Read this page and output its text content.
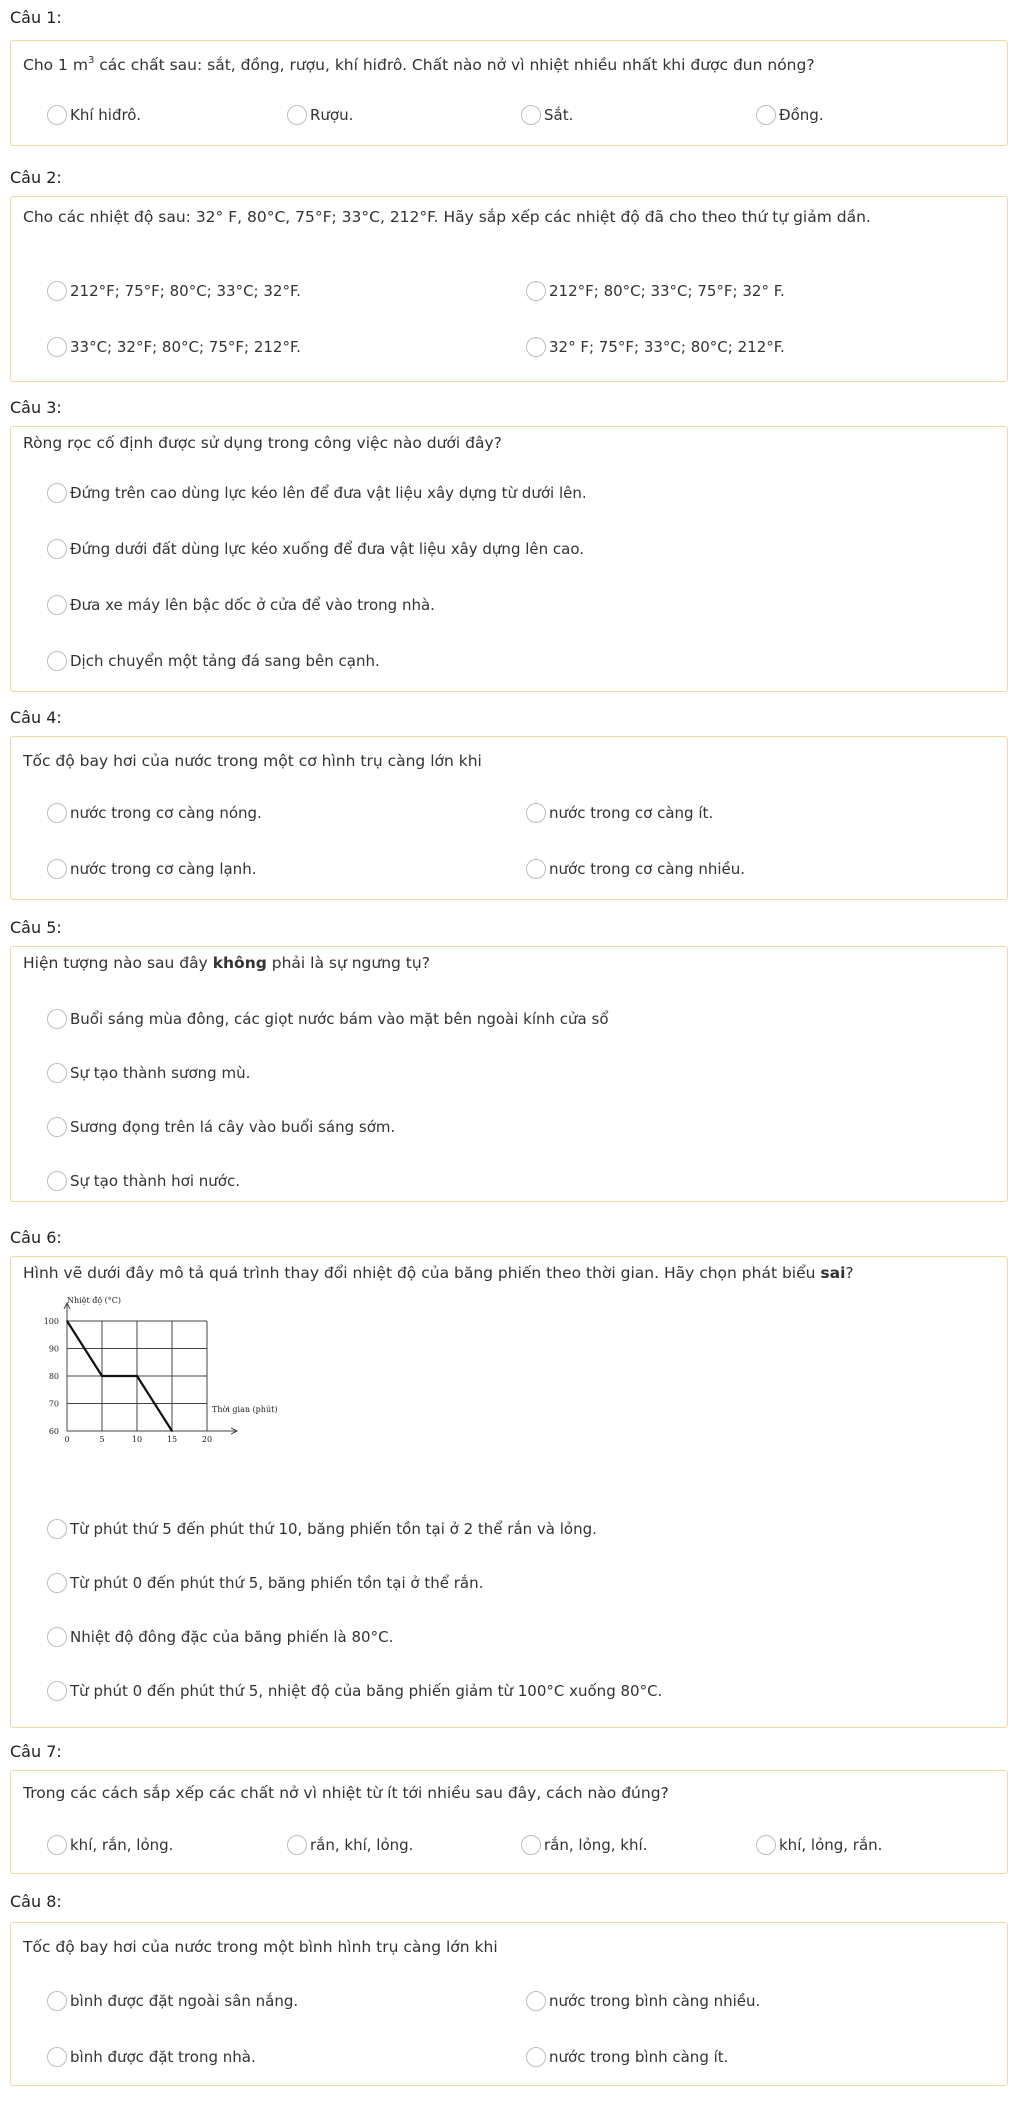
Câu 1:
Cho 1 $m^3$ các chất sau: sắt, đồng, rượu, khí hiđrô. Chất nào nở vì nhiệt nhiều nhất khi được đun nóng?
Khí hiđrô.	Rượu.	Sắt.	Đồng.
Câu 2:
Cho các nhiệt độ sau: 32° F, 80°C, 75°F; 33°C, 212°F. Hãy sắp xếp các nhiệt độ đã cho theo thứ tự giảm dần.
212°F; 75°F; 80°C; 33°C; 32°F.	212°F; 80°C; 33°C; 75°F; 32° F.
33°C; 32°F; 80°C; 75°F; 212°F.	32° F; 75°F; 33°C; 80°C; 212°F.
Câu 3:
Ròng rọc cố định được sử dụng trong công việc nào dưới đây?
Đứng trên cao dùng lực kéo lên để đưa vật liệu xây dựng từ dưới lên.
Đứng dưới đất dùng lực kéo xuống để đưa vật liệu xây dựng lên cao.
Đưa xe máy lên bậc dốc ở cửa để vào trong nhà.
Dịch chuyển một tảng đá sang bên cạnh.
Câu 4:
Tốc độ bay hơi của nước trong một cơ hình trụ càng lớn khi
nước trong cơ càng nóng.	nước trong cơ càng ít.
nước trong cơ càng lạnh.	nước trong cơ càng nhiều.
Câu 5:
Hiện tượng nào sau đây không phải là sự ngưng tụ?
Buổi sáng mùa đông, các giọt nước bám vào mặt bên ngoài kính cửa sổ
Sự tạo thành sương mù.
Sương đọng trên lá cây vào buổi sáng sớm.
Sự tạo thành hơi nước.
Câu 6:
Hình vẽ dưới đây mô tả quá trình thay đổi nhiệt độ của băng phiến theo thời gian. Hãy chọn phát biểu sai?
0	5	10	15	20
60
70
80
90
100
Nhiệt độ (°C)
Thời gian (phút)
Từ phút thứ 5 đến phút thứ 10, băng phiến tồn tại ở 2 thể rắn và lỏng.
Từ phút 0 đến phút thứ 5, băng phiến tồn tại ở thể rắn.
Nhiệt độ đông đặc của băng phiến là 80°C.
Từ phút 0 đến phút thứ 5, nhiệt độ của băng phiến giảm từ 100°C xuống 80°C.
Câu 7:
Trong các cách sắp xếp các chất nở vì nhiệt từ ít tới nhiều sau đây, cách nào đúng?
khí, rắn, lỏng.	rắn, khí, lỏng.	rắn, lỏng, khí.	khí, lỏng, rắn.
Câu 8:
Tốc độ bay hơi của nước trong một bình hình trụ càng lớn khi
bình được đặt ngoài sân nắng.	nước trong bình càng nhiều.
bình được đặt trong nhà.	nước trong bình càng ít.
